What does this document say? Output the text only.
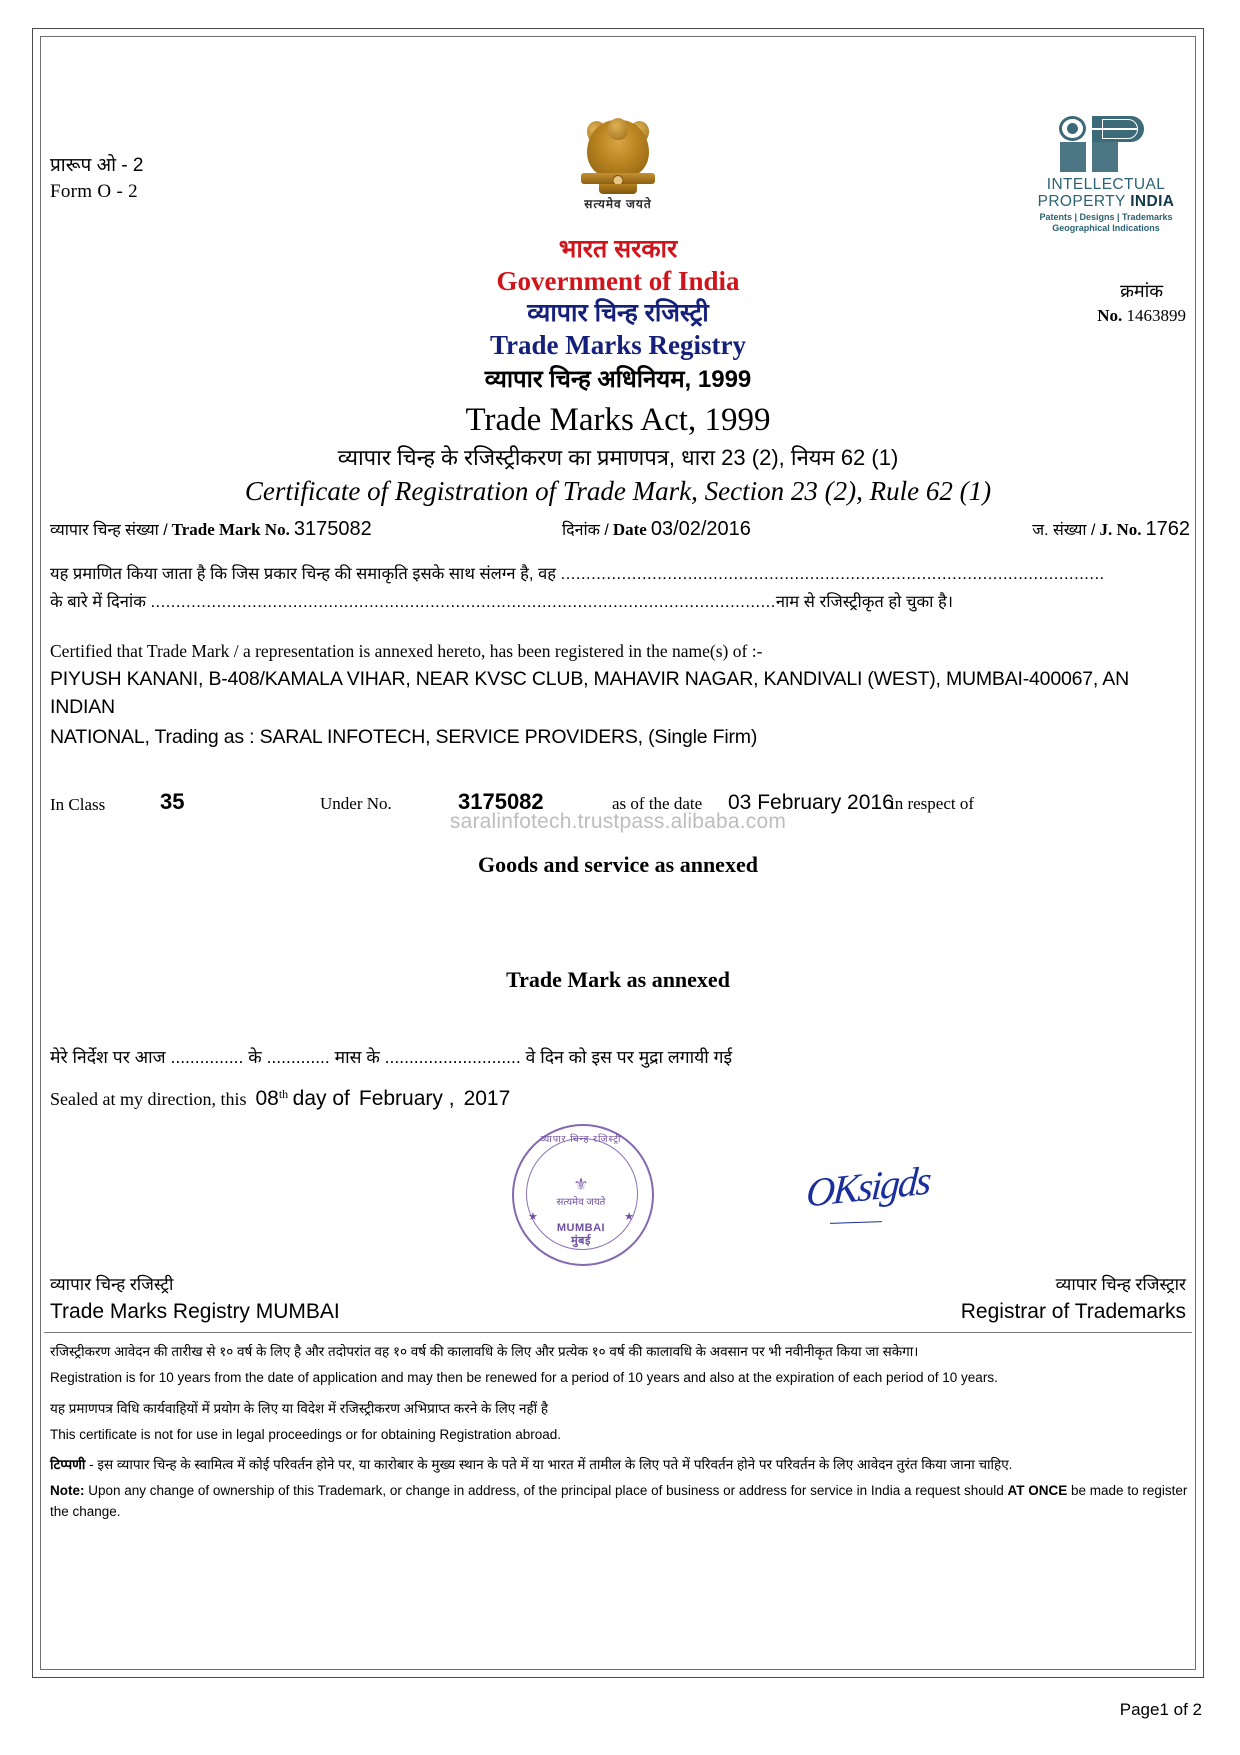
प्रारूप ओ - 2
Form O - 2
सत्यमेव जयते
INTELLECTUAL
PROPERTY INDIA
Patents | Designs | Trademarks
Geographical Indications
क्रमांक
No. 1463899
भारत सरकार
Government of India
व्यापार चिन्ह रजिस्ट्री
Trade Marks Registry
व्यापार चिन्ह अधिनियम, 1999
Trade Marks Act, 1999
व्यापार चिन्ह के रजिस्ट्रीकरण का प्रमाणपत्र, धारा 23 (2), नियम 62 (1)
Certificate of Registration of Trade Mark, Section 23 (2), Rule 62 (1)
व्यापार चिन्ह संख्या / Trade Mark No. 3175082	दिनांक / Date 03/02/2016	ज. संख्या / J. No. 1762
यह प्रमाणित किया जाता है कि जिस प्रकार चिन्ह की समाकृति इसके साथ संलग्न है, वह ...........................................................................................................
के बारे में दिनांक ...........................................................................................................................नाम से रजिस्ट्रीकृत हो चुका है।
Certified that Trade Mark / a representation is annexed hereto, has been registered in the name(s) of :-
PIYUSH KANANI, B-408/KAMALA VIHAR, NEAR KVSC CLUB, MAHAVIR NAGAR, KANDIVALI (WEST), MUMBAI-400067, AN INDIAN
NATIONAL, Trading as : SARAL INFOTECH, SERVICE PROVIDERS, (Single Firm)
In Class 35	Under No.	3175082	as of the date 03 February 2016
in respect of
saralinfotech.trustpass.alibaba.com
Goods and service as annexed
Trade Mark as annexed
मेरे निर्देश पर आज ............... के ............. मास के ............................ वे दिन को इस पर मुद्रा लगायी गई
Sealed at my direction, this 08th day of February , 2017
व्यापार चिन्ह रजिस्ट्री
⚜
सत्यमेव जयते
★	★
MUMBAI
मुंबई
OKsigds
व्यापार चिन्ह रजिस्ट्री
Trade Marks Registry MUMBAI
व्यापार चिन्ह रजिस्ट्रार
Registrar of Trademarks
रजिस्ट्रीकरण आवेदन की तारीख से १० वर्ष के लिए है और तदोपरांत वह १० वर्ष की कालावधि के लिए और प्रत्येक १० वर्ष की कालावधि के अवसान पर भी नवीनीकृत किया जा सकेगा।
Registration is for 10 years from the date of application and may then be renewed for a period of 10 years and also at the expiration of each period of 10 years.
यह प्रमाणपत्र विधि कार्यवाहियों में प्रयोग के लिए या विदेश में रजिस्ट्रीकरण अभिप्राप्त करने के लिए नहीं है
This certificate is not for use in legal proceedings or for obtaining Registration abroad.
टिप्पणी - इस व्यापार चिन्ह के स्वामित्व में कोई परिवर्तन होने पर, या कारोबार के मुख्य स्थान के पते में या भारत में तामील के लिए पते में परिवर्तन होने पर परिवर्तन के लिए आवेदन तुरंत किया जाना चाहिए.
Note: Upon any change of ownership of this Trademark, or change in address, of the principal place of business or address for service in India a request should AT ONCE be made to register the change.
Page1 of 2
